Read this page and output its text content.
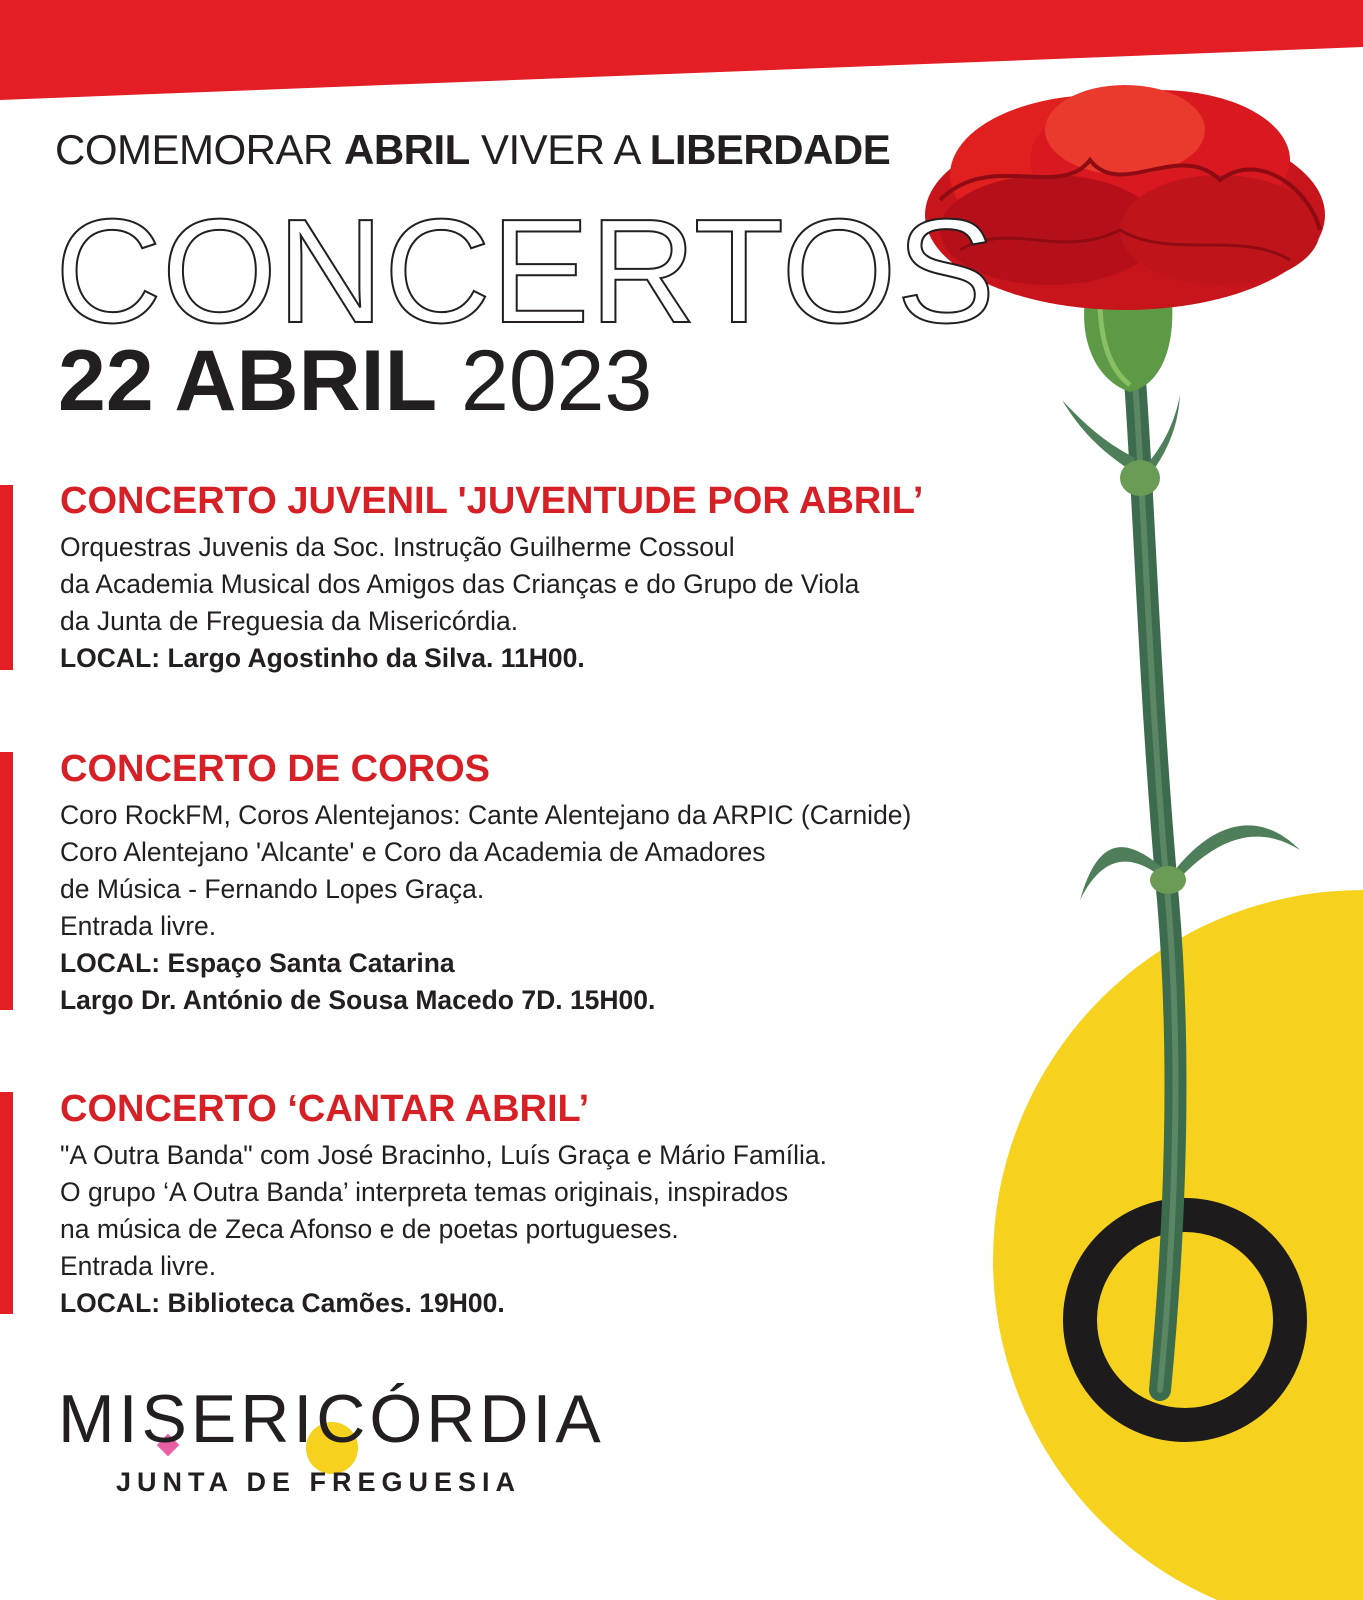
COMEMORAR ABRIL VIVER A LIBERDADE
CONCERTOS
22 ABRIL 2023
CONCERTO JUVENIL 'JUVENTUDE POR ABRIL’
Orquestras Juvenis da Soc. Instrução Guilherme Cossoul
da Academia Musical dos Amigos das Crianças e do Grupo de Viola
da Junta de Freguesia da Misericórdia.
LOCAL: Largo Agostinho da Silva. 11H00.
CONCERTO DE COROS
Coro RockFM, Coros Alentejanos: Cante Alentejano da ARPIC (Carnide)
Coro Alentejano 'Alcante' e Coro da Academia de Amadores
de Música - Fernando Lopes Graça.
Entrada livre.
LOCAL: Espaço Santa Catarina
Largo Dr. António de Sousa Macedo 7D. 15H00.
CONCERTO ‘CANTAR ABRIL’
"A Outra Banda" com José Bracinho, Luís Graça e Mário Família.
O grupo ‘A Outra Banda’ interpreta temas originais, inspirados
na música de Zeca Afonso e de poetas portugueses.
Entrada livre.
LOCAL: Biblioteca Camões. 19H00.
MISERICÓRDIA
JUNTA DE FREGUESIA
